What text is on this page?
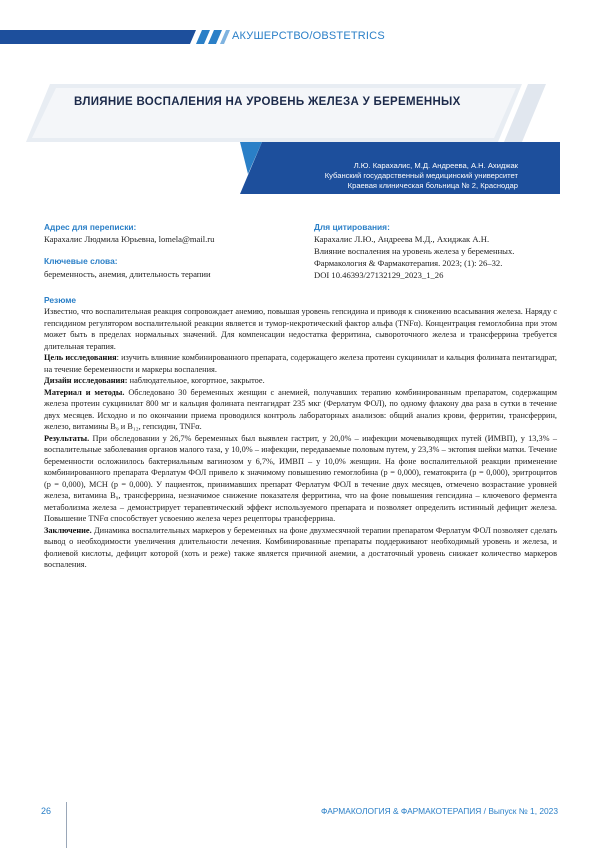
АКУШЕРСТВО/OBSTETRICS
ВЛИЯНИЕ ВОСПАЛЕНИЯ НА УРОВЕНЬ ЖЕЛЕЗА У БЕРЕМЕННЫХ
Л.Ю. Карахалис, М.Д. Андреева, А.Н. Ахиджак
Кубанский государственный медицинский университет
Краевая клиническая больница № 2, Краснодар
Адрес для переписки:
Карахалис Людмила Юрьевна, lomela@mail.ru
Ключевые слова:
беременность, анемия, длительность терапии
Для цитирования:
Карахалис Л.Ю., Андреева М.Д., Ахиджак А.Н.
Влияние воспаления на уровень железа у беременных.
Фармакология & Фармакотерапия. 2023; (1): 26–32.
DOI 10.46393/27132129_2023_1_26
Резюме

Известно, что воспалительная реакция сопровождает анемию, повышая уровень гепсидина и приводя к снижению всасывания железа. Наряду с гепсидином регулятором воспалительной реакции является и тумор-некротический фактор альфа (TNFα). Концентрация гемоглобина при этом может быть в пределах нормальных значений. Для компенсации недостатка ферритина, сывороточного железа и трансферрина требуется длительная терапия.

Цель исследования: изучить влияние комбинированного препарата, содержащего железа протеин сукцинилат и кальция фолината пентагидрат, на течение беременности и маркеры воспаления.

Дизайн исследования: наблюдательное, когортное, закрытое.

Материал и методы. Обследовано 30 беременных женщин с анемией, получавших терапию комбинированным препаратом, содержащим железа протеин сукцинилат 800 мг и кальция фолината пентагидрат 235 мкг (Ферлатум ФОЛ), по одному флакону два раза в сутки в течение двух месяцев. Исходно и по окончании приема проводился контроль лабораторных анализов: общий анализ крови, ферритин, трансферрин, железо, витамины B₉ и B₁₂, гепсидин, TNFα.

Результаты. При обследовании у 26,7% беременных был выявлен гастрит, у 20,0% – инфекции мочевыводящих путей (ИМВП), у 13,3% – воспалительные заболевания органов малого таза, у 10,0% – инфекции, передаваемые половым путем, у 23,3% – эктопия шейки матки. Течение беременности осложнилось бактериальным вагинозом у 6,7%, ИМВП – у 10,0% женщин. На фоне воспалительной реакции применение комбинированного препарата Ферлатум ФОЛ привело к значимому повышению гемоглобина (p = 0,000), гематокрита (p = 0,000), эритроцитов (p = 0,000), MCH (p = 0,000). У пациенток, принимавших препарат Ферлатум ФОЛ в течение двух месяцев, отмечено возрастание уровней железа, витамина B₉, трансферрина, незначимое снижение показателя ферритина, что на фоне повышения гепсидина – ключевого фермента метаболизма железа – демонстрирует терапевтический эффект используемого препарата и позволяет определить истинный дефицит железа. Повышение TNFα способствует усвоению железа через рецепторы трансферрина.

Заключение. Динамика воспалительных маркеров у беременных на фоне двухмесячной терапии препаратом Ферлатум ФОЛ позволяет сделать вывод о необходимости увеличения длительности лечения. Комбинированные препараты поддерживают необходимый уровень и железа, и фолиевой кислоты, дефицит которой (хоть и реже) также является причиной анемии, а достаточный уровень снижает количество маркеров воспаления.

26	ФАРМАКОЛОГИЯ & ФАРМАКОТЕРАПИЯ / Выпуск № 1, 2023
